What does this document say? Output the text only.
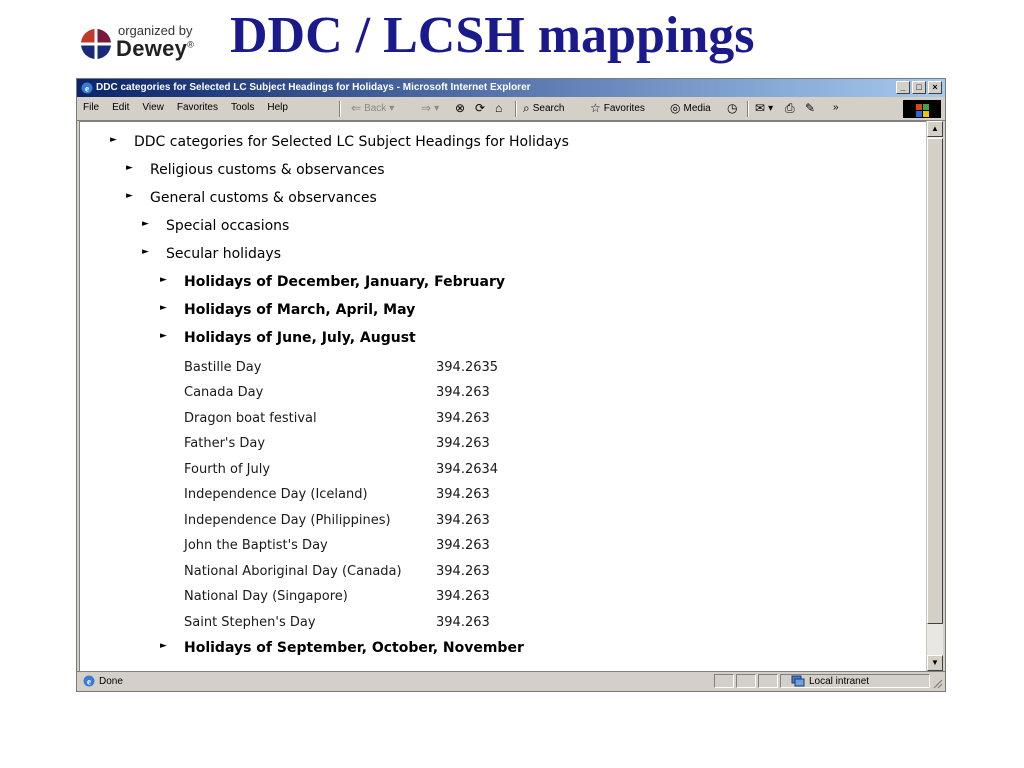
organized by
Dewey® DDC / LCSH mappings
e DDC categories for Selected LC Subject Headings for Holidays - Microsoft Internet Explorer	_	□	×
File Edit View Favorites Tools Help	⇐ Back ▾ ⇒ ▾ ⊗ ⟳ ⌂ ⌕ Search ☆ Favorites ◎ Media ◷ ✉ ▾ ⎙ ✎ »
► DDC categories for Selected LC Subject Headings for Holidays
► Religious customs & observances
► General customs & observances
► Special occasions
► Secular holidays
► Holidays of December, January, February
► Holidays of March, April, May
► Holidays of June, July, August
Bastille Day	394.2635
Canada Day	394.263
Dragon boat festival	394.263
Father's Day	394.263
Fourth of July	394.2634
Independence Day (Iceland)	394.263
Independence Day (Philippines)	394.263
John the Baptist's Day	394.263
National Aboriginal Day (Canada)	394.263
National Day (Singapore)	394.263
Saint Stephen's Day	394.263
► Holidays of September, October, November
▲
▼
e Done	Local intranet
